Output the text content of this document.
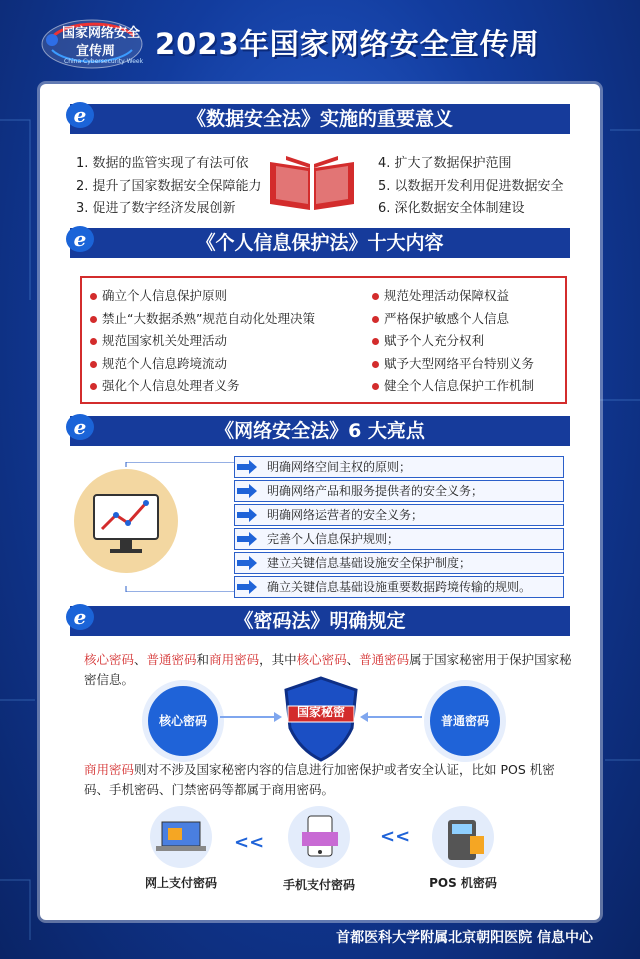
国家网络安全
宣传周
China Cybersecurity Week
2023年国家网络安全宣传周
《数据安全法》实施的重要意义
e
1. 数据的监管实现了有法可依
2. 提升了国家数据安全保障能力
3. 促进了数字经济发展创新
4. 扩大了数据保护范围
5. 以数据开发利用促进数据安全
6. 深化数据安全体制建设
《个人信息保护法》十大内容
e
确立个人信息保护原则
禁止“大数据杀熟”规范自动化处理决策
规范国家机关处理活动
规范个人信息跨境流动
强化个人信息处理者义务
规范处理活动保障权益
严格保护敏感个人信息
赋予个人充分权利
赋予大型网络平台特别义务
健全个人信息保护工作机制
《网络安全法》6 大亮点
e
明确网络空间主权的原则；
明确网络产品和服务提供者的安全义务；
明确网络运营者的安全义务；
完善个人信息保护规则；
建立关键信息基础设施安全保护制度；
确立关键信息基础设施重要数据跨境传输的规则。
《密码法》明确规定
e
核心密码、普通密码和商用密码，其中核心密码、普通密码属于国家秘密用于保护国家秘密信息。
核心密码
国家秘密
普通密码
商用密码则对不涉及国家秘密内容的信息进行加密保护或者安全认证，比如 POS 机密码、手机密码、门禁密码等都属于商用密码。
网上支付密码
<<
手机支付密码
<<
POS 机密码
首都医科大学附属北京朝阳医院 信息中心
